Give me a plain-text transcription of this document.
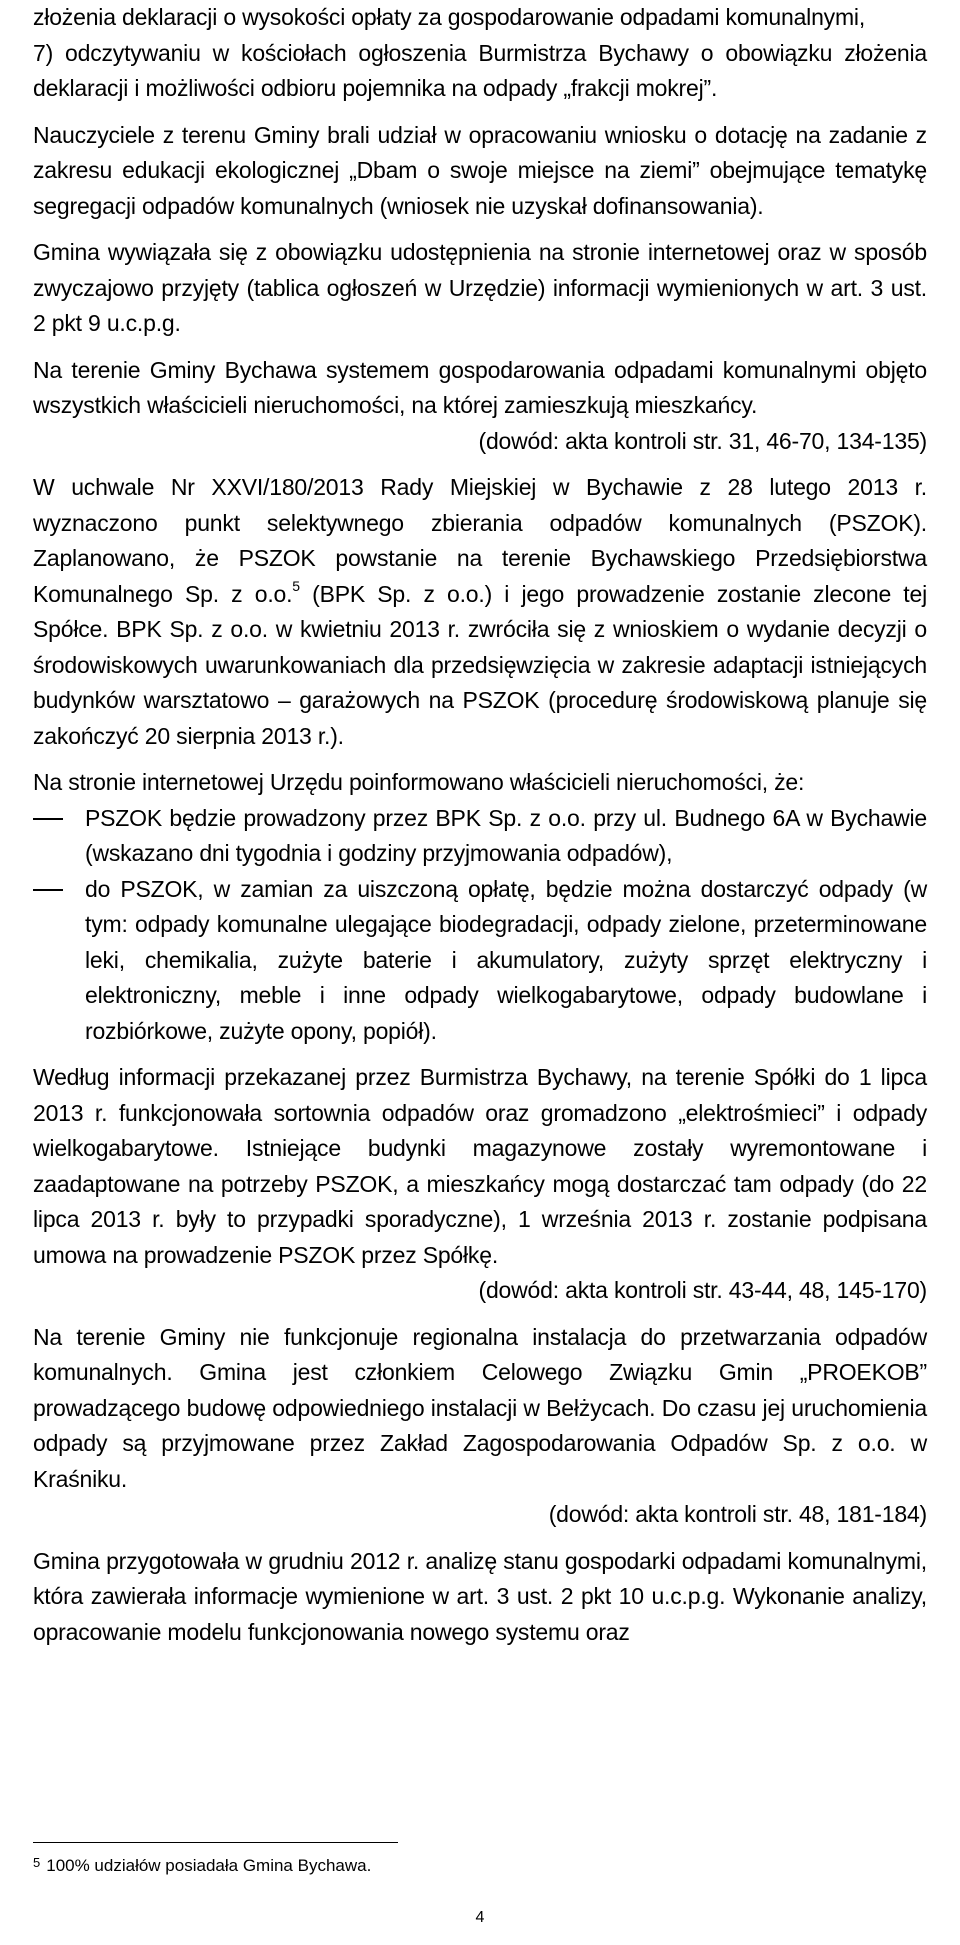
złożenia deklaracji o wysokości opłaty za gospodarowanie odpadami komunalnymi,

7) odczytywaniu w kościołach ogłoszenia Burmistrza Bychawy o obowiązku złożenia deklaracji i możliwości odbioru pojemnika na odpady „frakcji mokrej”.

Nauczyciele z terenu Gminy brali udział w opracowaniu wniosku o dotację na zadanie z zakresu edukacji ekologicznej „Dbam o swoje miejsce na ziemi” obejmujące tematykę segregacji odpadów komunalnych (wniosek nie uzyskał dofinansowania).

Gmina wywiązała się z obowiązku udostępnienia na stronie internetowej oraz w sposób zwyczajowo przyjęty (tablica ogłoszeń w Urzędzie) informacji wymienionych w art. 3 ust. 2 pkt 9 u.c.p.g.

Na terenie Gminy Bychawa systemem gospodarowania odpadami komunalnymi objęto wszystkich właścicieli nieruchomości, na której zamieszkują mieszkańcy.

(dowód: akta kontroli str. 31, 46-70, 134-135)

W uchwale Nr XXVI/180/2013 Rady Miejskiej w Bychawie z 28 lutego 2013 r. wyznaczono punkt selektywnego zbierania odpadów komunalnych (PSZOK). Zaplanowano, że PSZOK powstanie na terenie Bychawskiego Przedsiębiorstwa Komunalnego Sp. z o.o.$^5$ (BPK Sp. z o.o.) i jego prowadzenie zostanie zlecone tej Spółce. BPK Sp. z o.o. w kwietniu 2013 r. zwróciła się z wnioskiem o wydanie decyzji o środowiskowych uwarunkowaniach dla przedsięwzięcia w zakresie adaptacji istniejących budynków warsztatowo – garażowych na PSZOK (procedurę środowiskową planuje się zakończyć 20 sierpnia 2013 r.).

Na stronie internetowej Urzędu poinformowano właścicieli nieruchomości, że:

PSZOK będzie prowadzony przez BPK Sp. z o.o. przy ul. Budnego 6A w Bychawie (wskazano dni tygodnia i godziny przyjmowania odpadów),
do PSZOK, w zamian za uiszczoną opłatę, będzie można dostarczyć odpady (w tym: odpady komunalne ulegające biodegradacji, odpady zielone, przeterminowane leki, chemikalia, zużyte baterie i akumulatory, zużyty sprzęt elektryczny i elektroniczny, meble i inne odpady wielkogabarytowe, odpady budowlane i rozbiórkowe, zużyte opony, popiół).

Według informacji przekazanej przez Burmistrza Bychawy, na terenie Spółki do 1 lipca 2013 r. funkcjonowała sortownia odpadów oraz gromadzono „elektrośmieci” i odpady wielkogabarytowe. Istniejące budynki magazynowe zostały wyremontowane i zaadaptowane na potrzeby PSZOK, a mieszkańcy mogą dostarczać tam odpady (do 22 lipca 2013 r. były to przypadki sporadyczne), 1 września 2013 r. zostanie podpisana umowa na prowadzenie PSZOK przez Spółkę.

(dowód: akta kontroli str. 43-44, 48, 145-170)

Na terenie Gminy nie funkcjonuje regionalna instalacja do przetwarzania odpadów komunalnych. Gmina jest członkiem Celowego Związku Gmin „PROEKOB” prowadzącego budowę odpowiedniego instalacji w Bełżycach. Do czasu jej uruchomienia odpady są przyjmowane przez Zakład Zagospodarowania Odpadów Sp. z o.o. w Kraśniku.

(dowód: akta kontroli str. 48, 181-184)

Gmina przygotowała w grudniu 2012 r. analizę stanu gospodarki odpadami komunalnymi, która zawierała informacje wymienione w art. 3 ust. 2 pkt 10 u.c.p.g. Wykonanie analizy, opracowanie modelu funkcjonowania nowego systemu oraz

$^5$ 100% udziałów posiadała Gmina Bychawa.
4
